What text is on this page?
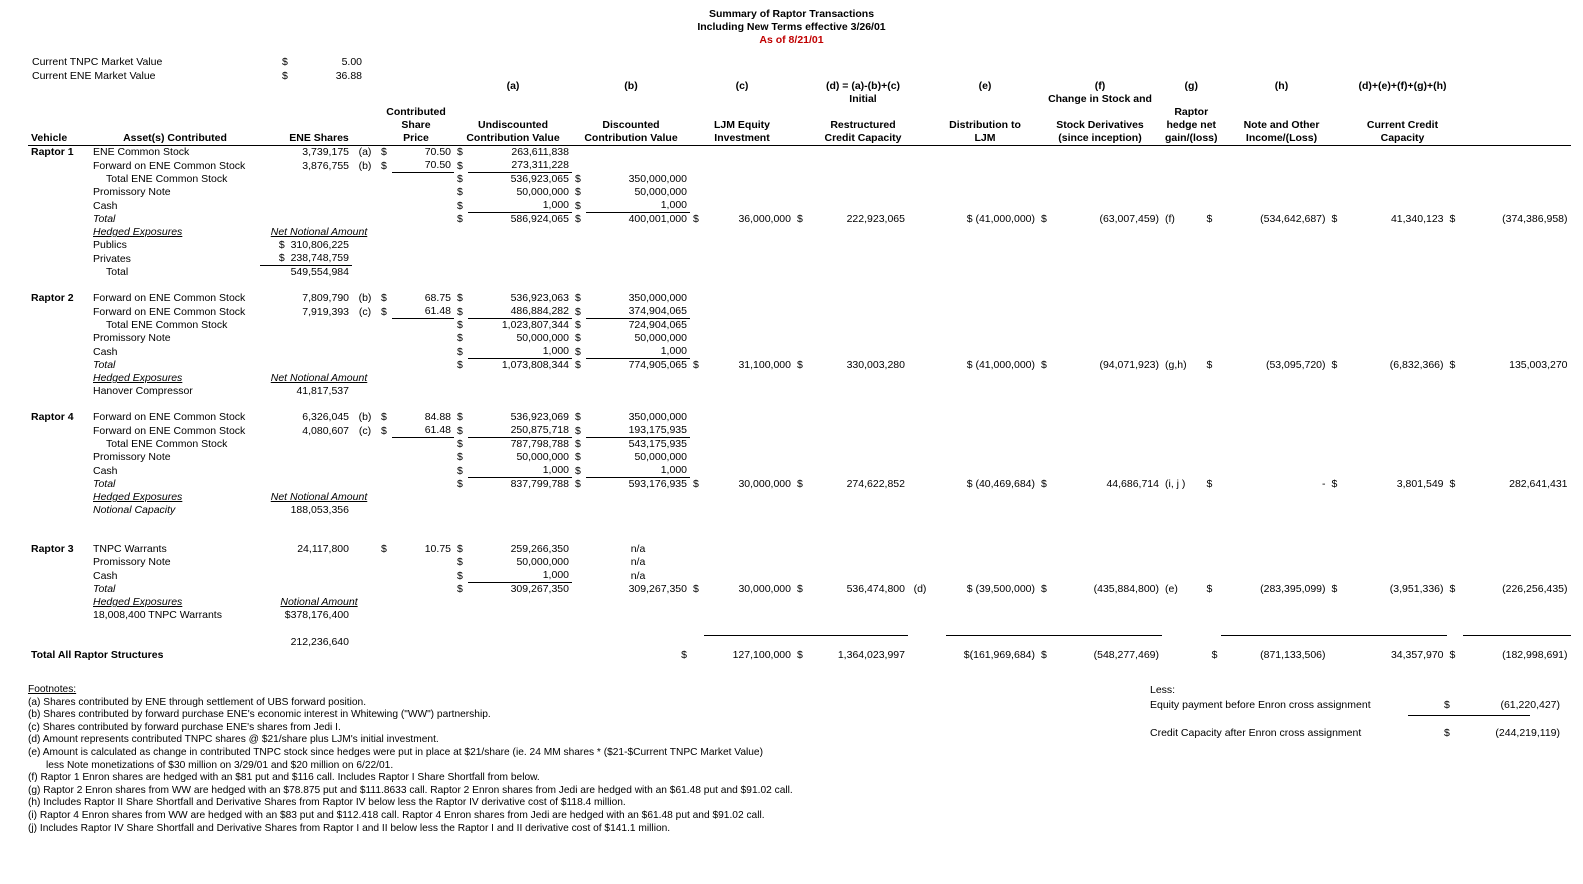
Summary of Raptor Transactions
Including New Terms effective 3/26/01
As of 8/21/01
Current TNPC Market Value	$	5.00
Current ENE Market Value	$	36.88
						(a)		(b)		(c)		(d) = (a)-(b)+(c)			(e)		(f)		(g)		(h)		(d)+(e)+(f)+(g)+(h)		
												Initial					Change in Stock and								
				Contributed Share		Undiscounted		Discounted		LJM Equity		Restructured			Distribution to		Stock Derivatives		Raptor hedge net		Note and Other		Current Credit		
Vehicle	Asset(s) Contributed	ENE Shares		Price		Contribution Value		Contribution Value		Investment		Credit Capacity			LJM		(since inception)		gain/(loss)		Income/(Loss)		Capacity		
Raptor 1	ENE Common Stock	3,739,175	(a)	$	70.50	$	263,611,838																		
	Forward on ENE Common Stock	3,876,755	(b)	$	70.50	$	273,311,228																		
	Total ENE Common Stock					$	536,923,065	$	350,000,000																
	Promissory Note					$	50,000,000	$	50,000,000																
	Cash					$	1,000	$	1,000																
	Total					$	586,924,065	$	400,001,000	$	36,000,000	$	222,923,065			$ (41,000,000)	$	(63,007,459)	(f)	$	(534,642,687)	$	41,340,123	$	(374,386,958)
	Hedged Exposures	Net Notional Amount																							
	Publics	$ 310,806,225																							
	Privates	$ 238,748,759																							
	Total	549,554,984																							

Raptor 2	Forward on ENE Common Stock	7,809,790	(b)	$	68.75	$	536,923,063	$	350,000,000																
	Forward on ENE Common Stock	7,919,393	(c)	$	61.48	$	486,884,282	$	374,904,065																
	Total ENE Common Stock					$	1,023,807,344	$	724,904,065																
	Promissory Note					$	50,000,000	$	50,000,000																
	Cash					$	1,000	$	1,000																
	Total					$	1,073,808,344	$	774,905,065	$	31,100,000	$	330,003,280			$ (41,000,000)	$	(94,071,923)	(g,h)	$	(53,095,720)	$	(6,832,366)	$	135,003,270
	Hedged Exposures	Net Notional Amount																							
	Hanover Compressor	41,817,537																							

Raptor 4	Forward on ENE Common Stock	6,326,045	(b)	$	84.88	$	536,923,069	$	350,000,000																
	Forward on ENE Common Stock	4,080,607	(c)	$	61.48	$	250,875,718	$	193,175,935																
	Total ENE Common Stock					$	787,798,788	$	543,175,935																
	Promissory Note					$	50,000,000	$	50,000,000																
	Cash					$	1,000	$	1,000																
	Total					$	837,799,788	$	593,176,935	$	30,000,000	$	274,622,852			$ (40,469,684)	$	44,686,714	(i, j )	$	-	$	3,801,549	$	282,641,431
	Hedged Exposures	Net Notional Amount																							
	Notional Capacity	188,053,356																							

Raptor 3	TNPC Warrants	24,117,800		$	10.75	$	259,266,350		n/a																
	Promissory Note					$	50,000,000		n/a																
	Cash					$	1,000		n/a																
	Total					$	309,267,350		309,267,350	$	30,000,000	$	536,474,800	(d)		$ (39,500,000)	$	(435,884,800)	(e)	$	(283,395,099)	$	(3,951,336)	$	(226,256,435)
	Hedged Exposures	Notional Amount																							
	18,008,400 TNPC Warrants	$378,176,400																							

		212,236,640																							
Total All Raptor Structures									$		127,100,000	$	1,364,023,997			$(161,969,684)	$	(548,277,469)		$	(871,133,506)		34,357,970	$	(182,998,691)
Footnotes:
(a) Shares contributed by ENE through settlement of UBS forward position.
(b) Shares contributed by forward purchase ENE's economic interest in Whitewing ("WW") partnership.
(c) Shares contributed by forward purchase ENE's shares from Jedi I.
(d) Amount represents contributed TNPC shares @ $21/share plus LJM's initial investment.
(e) Amount is calculated as change in contributed TNPC stock since hedges were put in place at $21/share (ie. 24 MM shares * ($21-$Current TNPC Market Value)
less Note monetizations of $30 million on 3/29/01 and $20 million on 6/22/01.
(f) Raptor 1 Enron shares are hedged with an $81 put and $116 call. Includes Raptor I Share Shortfall from below.
(g) Raptor 2 Enron shares from WW are hedged with an $78.875 put and $111.8633 call. Raptor 2 Enron shares from Jedi are hedged with an $61.48 put and $91.02 call.
(h) Includes Raptor II Share Shortfall and Derivative Shares from Raptor IV below less the Raptor IV derivative cost of $118.4 million.
(i) Raptor 4 Enron shares from WW are hedged with an $83 put and $112.418 call. Raptor 4 Enron shares from Jedi are hedged with an $61.48 put and $91.02 call.
(j) Includes Raptor IV Share Shortfall and Derivative Shares from Raptor I and II below less the Raptor I and II derivative cost of $141.1 million.
Less:
Equity payment before Enron cross assignment	$	(61,220,427)
Credit Capacity after Enron cross assignment	$	(244,219,119)
